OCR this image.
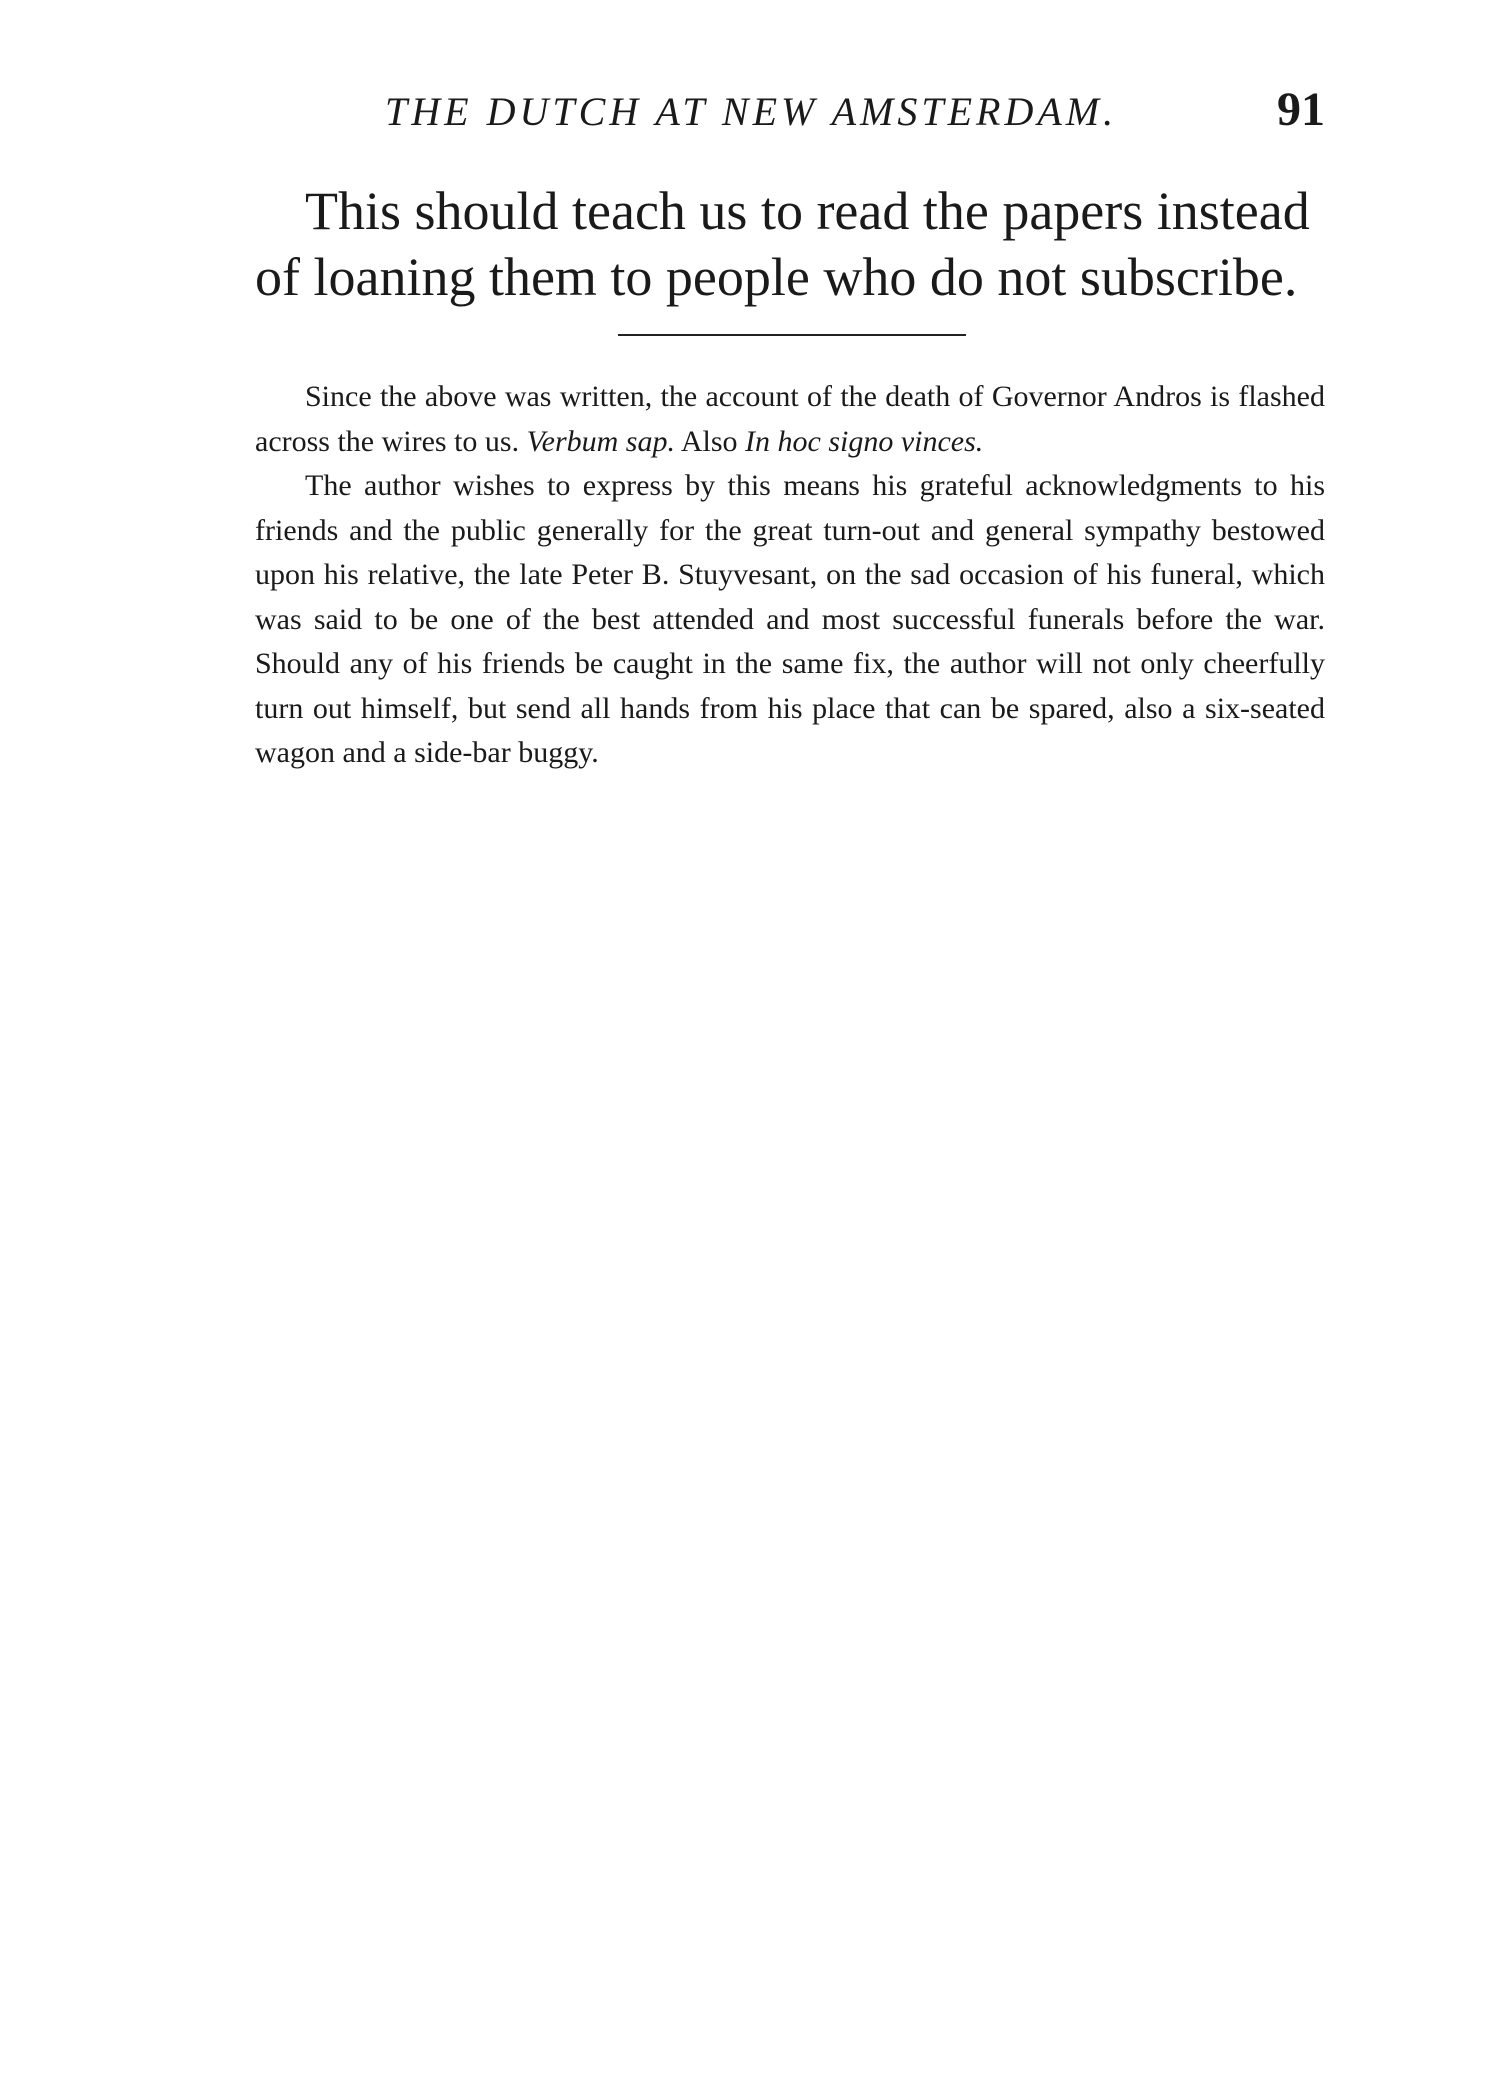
THE DUTCH AT NEW AMSTERDAM.	91
This should teach us to read the papers instead
of loaning them to people who do not subscribe.

Since the above was written, the account of the death of Governor Andros is flashed across the wires to us. Verbum sap. Also In hoc signo vinces.

The author wishes to express by this means his grateful acknowledgments to his friends and the public generally for the great turn-out and general sympathy bestowed upon his relative, the late Peter B. Stuyvesant, on the sad occasion of his funeral, which was said to be one of the best attended and most successful funerals before the war. Should any of his friends be caught in the same fix, the author will not only cheerfully turn out himself, but send all hands from his place that can be spared, also a six-seated wagon and a side-bar buggy.
